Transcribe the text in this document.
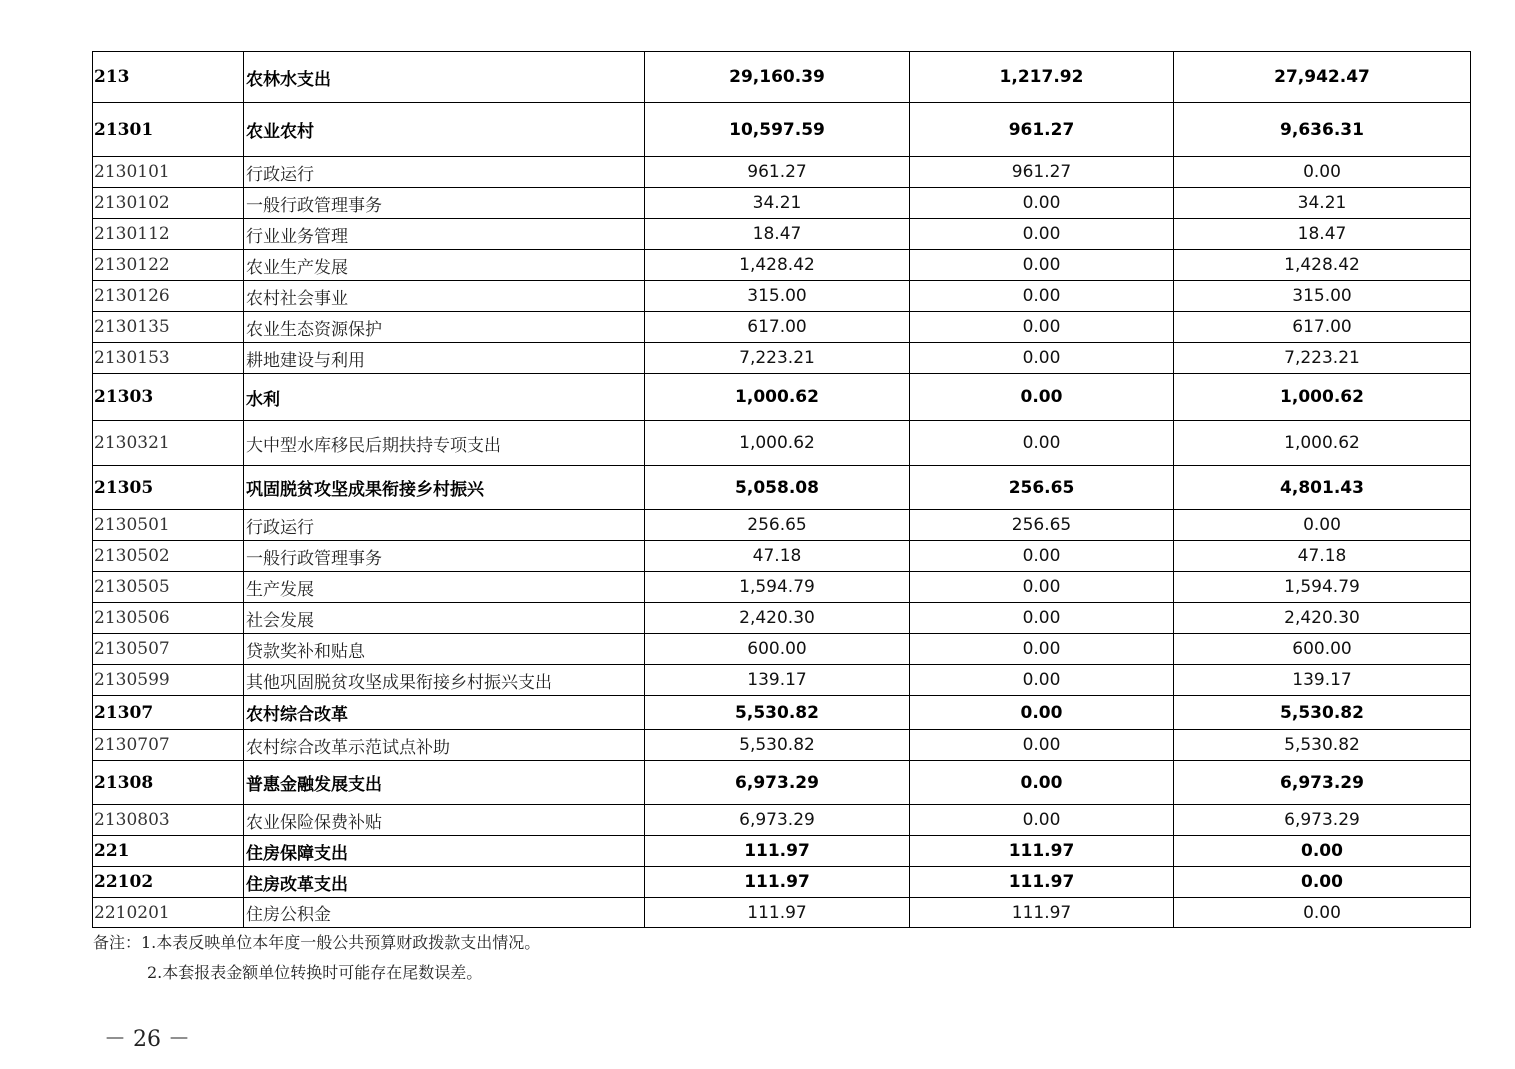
213	农林水支出	29,160.39	1,217.92	27,942.47
21301	农业农村	10,597.59	961.27	9,636.31
2130101	行政运行	961.27	961.27	0.00
2130102	一般行政管理事务	34.21	0.00	34.21
2130112	行业业务管理	18.47	0.00	18.47
2130122	农业生产发展	1,428.42	0.00	1,428.42
2130126	农村社会事业	315.00	0.00	315.00
2130135	农业生态资源保护	617.00	0.00	617.00
2130153	耕地建设与利用	7,223.21	0.00	7,223.21
21303	水利	1,000.62	0.00	1,000.62
2130321	大中型水库移民后期扶持专项支出	1,000.62	0.00	1,000.62
21305	巩固脱贫攻坚成果衔接乡村振兴	5,058.08	256.65	4,801.43
2130501	行政运行	256.65	256.65	0.00
2130502	一般行政管理事务	47.18	0.00	47.18
2130505	生产发展	1,594.79	0.00	1,594.79
2130506	社会发展	2,420.30	0.00	2,420.30
2130507	贷款奖补和贴息	600.00	0.00	600.00
2130599	其他巩固脱贫攻坚成果衔接乡村振兴支出	139.17	0.00	139.17
21307	农村综合改革	5,530.82	0.00	5,530.82
2130707	农村综合改革示范试点补助	5,530.82	0.00	5,530.82
21308	普惠金融发展支出	6,973.29	0.00	6,973.29
2130803	农业保险保费补贴	6,973.29	0.00	6,973.29
221	住房保障支出	111.97	111.97	0.00
22102	住房改革支出	111.97	111.97	0.00
2210201	住房公积金	111.97	111.97	0.00
备注：1.本表反映单位本年度一般公共预算财政拨款支出情况。
2.本套报表金额单位转换时可能存在尾数误差。
－ 26 －
